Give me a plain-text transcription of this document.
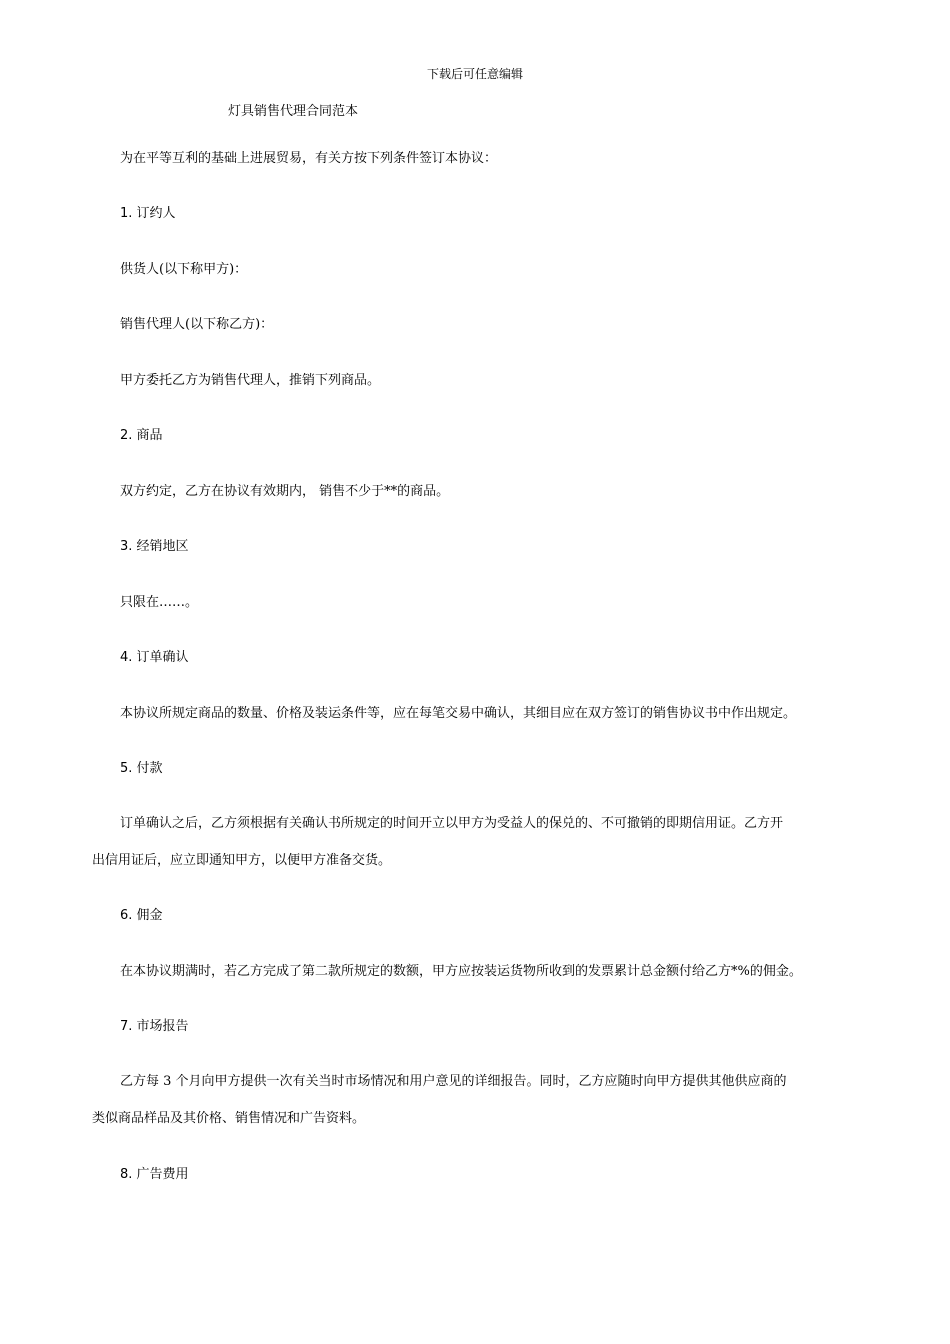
下载后可任意编辑
灯具销售代理合同范本
为在平等互利的基础上进展贸易，有关方按下列条件签订本协议：
1. 订约人
供货人(以下称甲方)：
销售代理人(以下称乙方)：
甲方委托乙方为销售代理人，推销下列商品。
2. 商品
双方约定，乙方在协议有效期内， 销售不少于**的商品。
3. 经销地区
只限在……。
4. 订单确认
本协议所规定商品的数量、价格及装运条件等，应在每笔交易中确认，其细目应在双方签订的销售协议书中作出规定。
5. 付款
订单确认之后，乙方须根据有关确认书所规定的时间开立以甲方为受益人的保兑的、不可撤销的即期信用证。乙方开
出信用证后，应立即通知甲方，以便甲方准备交货。
6. 佣金
在本协议期满时，若乙方完成了第二款所规定的数额，甲方应按装运货物所收到的发票累计总金额付给乙方*%的佣金。
7. 市场报告
乙方每 3 个月向甲方提供一次有关当时市场情况和用户意见的详细报告。同时，乙方应随时向甲方提供其他供应商的
类似商品样品及其价格、销售情况和广告资料。
8. 广告费用
